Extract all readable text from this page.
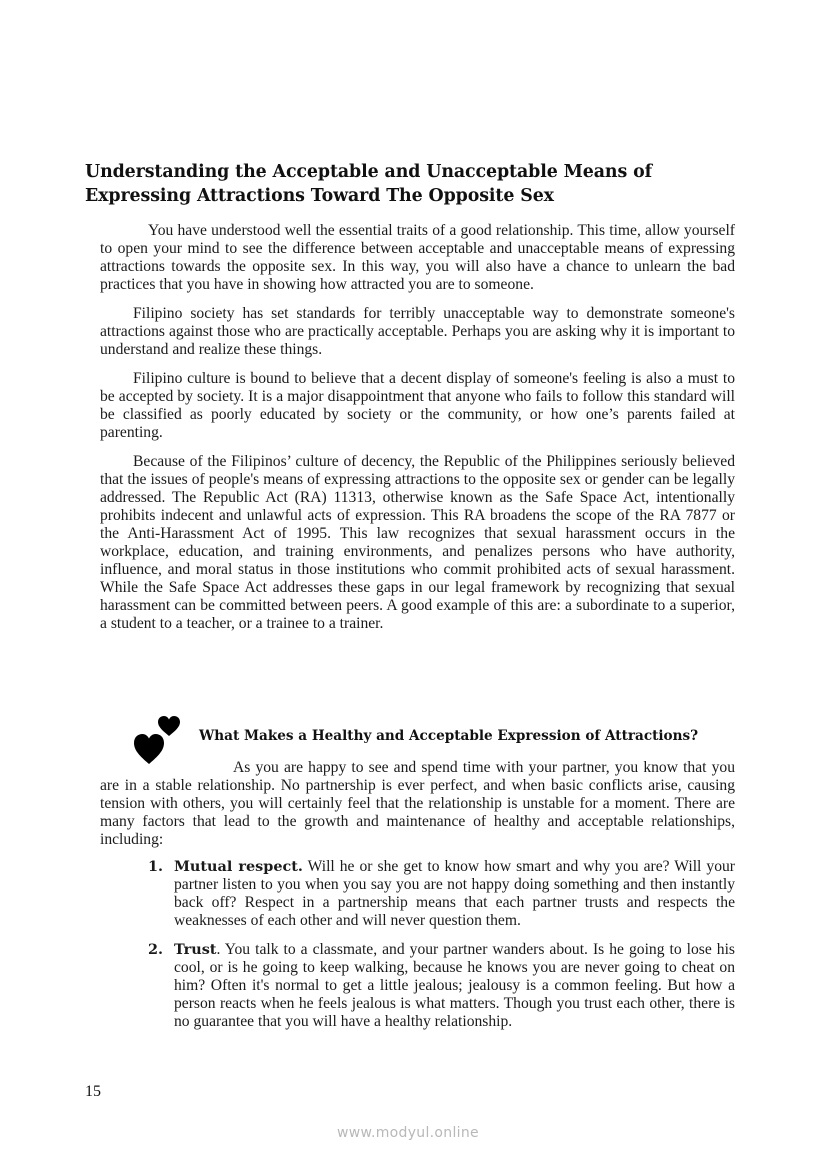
Understanding the Acceptable and Unacceptable Means of Expressing Attractions Toward The Opposite Sex

You have understood well the essential traits of a good relationship. This time, allow yourself to open your mind to see the difference between acceptable and unacceptable means of expressing attractions towards the opposite sex. In this way, you will also have a chance to unlearn the bad practices that you have in showing how attracted you are to someone.

Filipino society has set standards for terribly unacceptable way to demonstrate someone's attractions against those who are practically acceptable. Perhaps you are asking why it is important to understand and realize these things.

Filipino culture is bound to believe that a decent display of someone's feeling is also a must to be accepted by society. It is a major disappointment that anyone who fails to follow this standard will be classified as poorly educated by society or the community, or how one’s parents failed at parenting.

Because of the Filipinos’ culture of decency, the Republic of the Philippines seriously believed that the issues of people's means of expressing attractions to the opposite sex or gender can be legally addressed. The Republic Act (RA) 11313, otherwise known as the Safe Space Act, intentionally prohibits indecent and unlawful acts of expression. This RA broadens the scope of the RA 7877 or the Anti-Harassment Act of 1995. This law recognizes that sexual harassment occurs in the workplace, education, and training environments, and penalizes persons who have authority, influence, and moral status in those institutions who commit prohibited acts of sexual harassment. While the Safe Space Act addresses these gaps in our legal framework by recognizing that sexual harassment can be committed between peers. A good example of this are: a subordinate to a superior, a student to a teacher, or a trainee to a trainer.

What Makes a Healthy and Acceptable Expression of Attractions?

As you are happy to see and spend time with your partner, you know that you are in a stable relationship. No partnership is ever perfect, and when basic conflicts arise, causing tension with others, you will certainly feel that the relationship is unstable for a moment. There are many factors that lead to the growth and maintenance of healthy and acceptable relationships, including:

1. Mutual respect. Will he or she get to know how smart and why you are? Will your partner listen to you when you say you are not happy doing something and then instantly back off? Respect in a partnership means that each partner trusts and respects the weaknesses of each other and will never question them.
2. Trust. You talk to a classmate, and your partner wanders about. Is he going to lose his cool, or is he going to keep walking, because he knows you are never going to cheat on him? Often it's normal to get a little jealous; jealousy is a common feeling. But how a person reacts when he feels jealous is what matters. Though you trust each other, there is no guarantee that you will have a healthy relationship.
15
www.modyul.online
